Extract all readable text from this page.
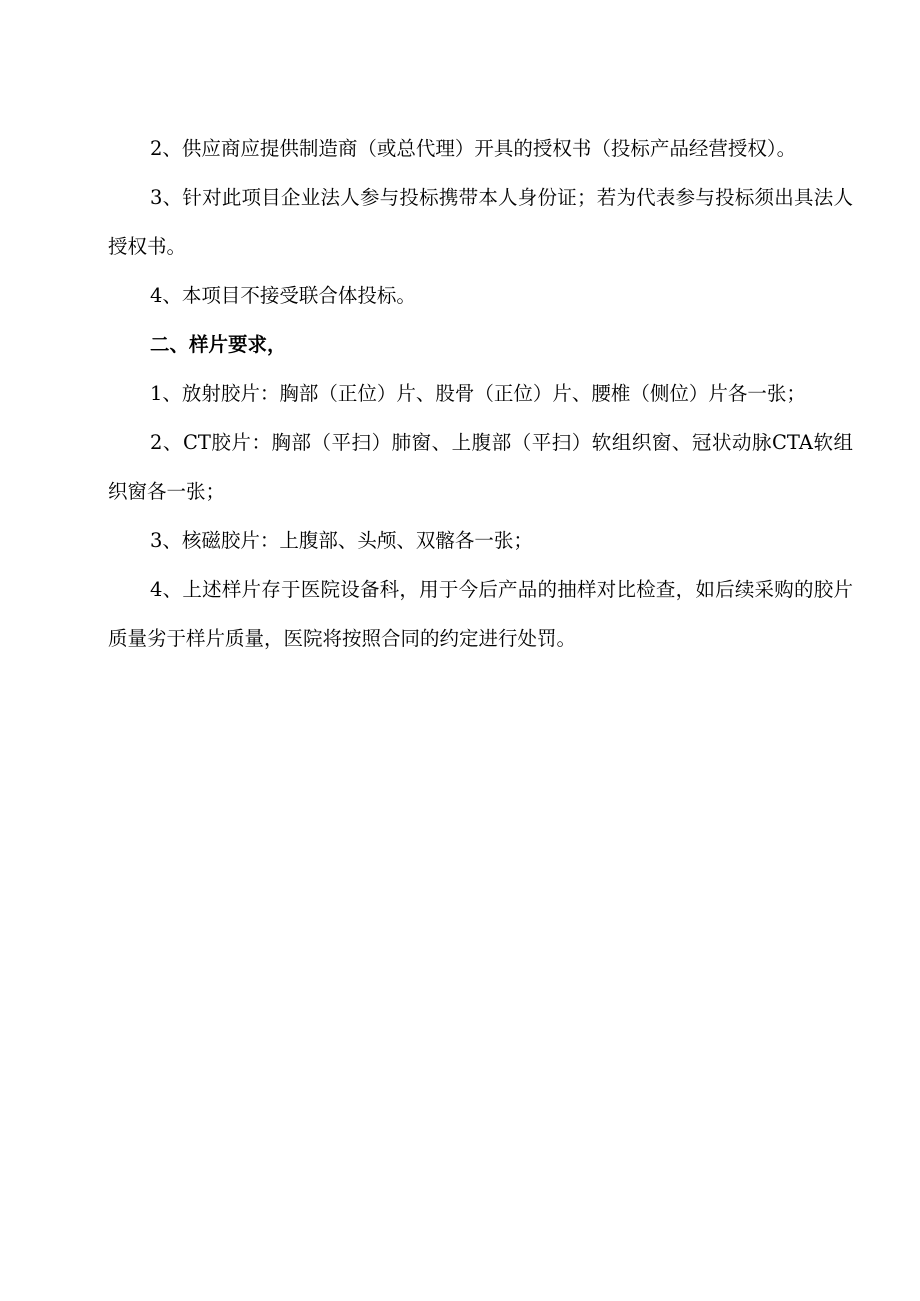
2、供应商应提供制造商（或总代理）开具的授权书（投标产品经营授权）。

3、针对此项目企业法人参与投标携带本人身份证；若为代表参与投标须出具法人授权书。

4、本项目不接受联合体投标。

二、样片要求，

1、放射胶片：胸部（正位）片、股骨（正位）片、腰椎（侧位）片各一张；

2、CT胶片：胸部（平扫）肺窗、上腹部（平扫）软组织窗、冠状动脉CTA软组织窗各一张；

3、核磁胶片：上腹部、头颅、双髂各一张；

4、上述样片存于医院设备科，用于今后产品的抽样对比检查，如后续采购的胶片质量劣于样片质量，医院将按照合同的约定进行处罚。
